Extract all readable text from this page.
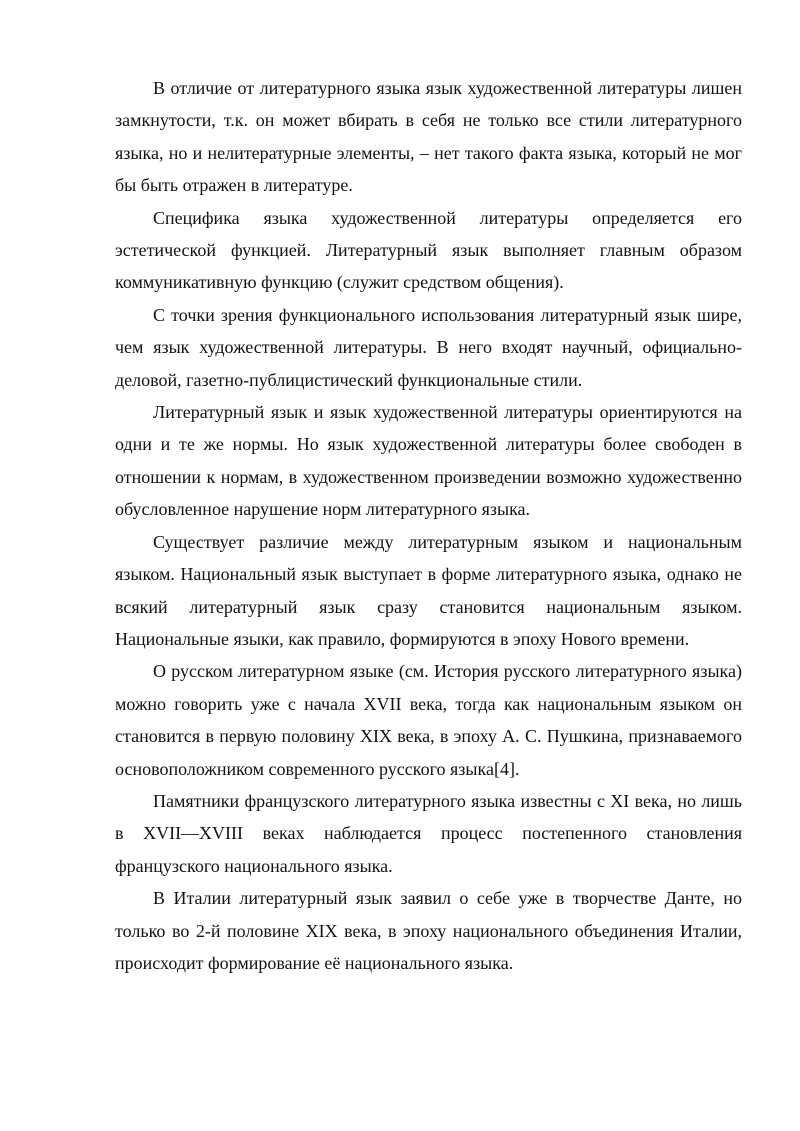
В отличие от литературного языка язык художественной литературы лишен замкнутости, т.к. он может вбирать в себя не только все стили литературного языка, но и нелитературные элементы, – нет такого факта языка, который не мог бы быть отражен в литературе.

Специфика языка художественной литературы определяется его эстетической функцией. Литературный язык выполняет главным образом коммуникативную функцию (служит средством общения).

С точки зрения функционального использования литературный язык шире, чем язык художественной литературы. В него входят научный, официально-деловой, газетно-публицистический функциональные стили.

Литературный язык и язык художественной литературы ориентируются на одни и те же нормы. Но язык художественной литературы более свободен в отношении к нормам, в художественном произведении возможно художественно обусловленное нарушение норм литературного языка.

Существует различие между литературным языком и национальным языком. Национальный язык выступает в форме литературного языка, однако не всякий литературный язык сразу становится национальным языком. Национальные языки, как правило, формируются в эпоху Нового времени.

О русском литературном языке (см. История русского литературного языка) можно говорить уже с начала XVII века, тогда как национальным языком он становится в первую половину XIX века, в эпоху А. С. Пушкина, признаваемого основоположником современного русского языка[4].

Памятники французского литературного языка известны с XI века, но лишь в XVII—XVIII веках наблюдается процесс постепенного становления французского национального языка.

В Италии литературный язык заявил о себе уже в творчестве Данте, но только во 2-й половине XIX века, в эпоху национального объединения Италии, происходит формирование её национального языка.
